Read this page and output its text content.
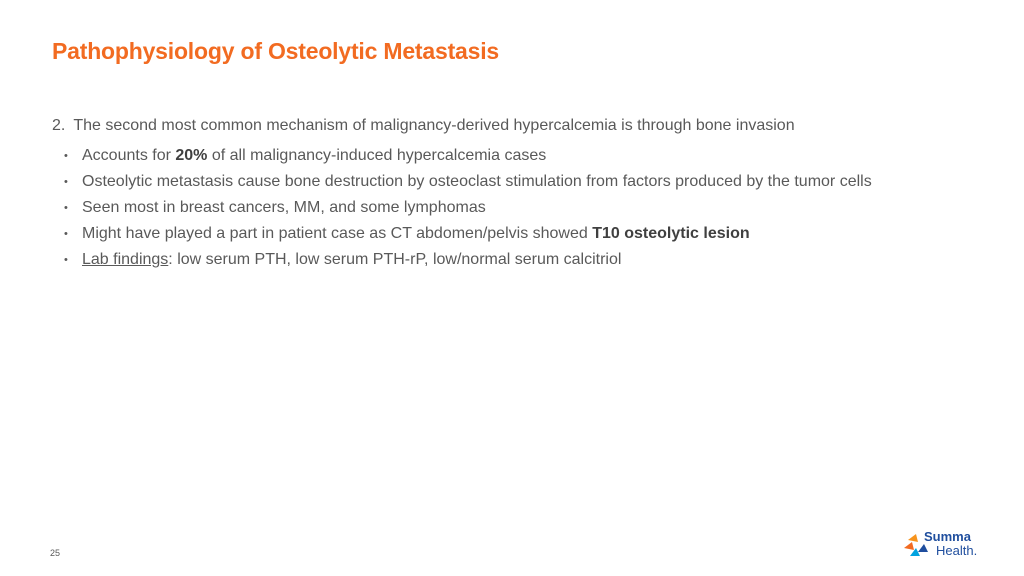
Pathophysiology of Osteolytic Metastasis
2. The second most common mechanism of malignancy-derived hypercalcemia is through bone invasion
• Accounts for 20% of all malignancy-induced hypercalcemia cases
• Osteolytic metastasis cause bone destruction by osteoclast stimulation from factors produced by the tumor cells
• Seen most in breast cancers, MM, and some lymphomas
• Might have played a part in patient case as CT abdomen/pelvis showed T10 osteolytic lesion
• Lab findings: low serum PTH, low serum PTH-rP, low/normal serum calcitriol
25
Summa
Health.
